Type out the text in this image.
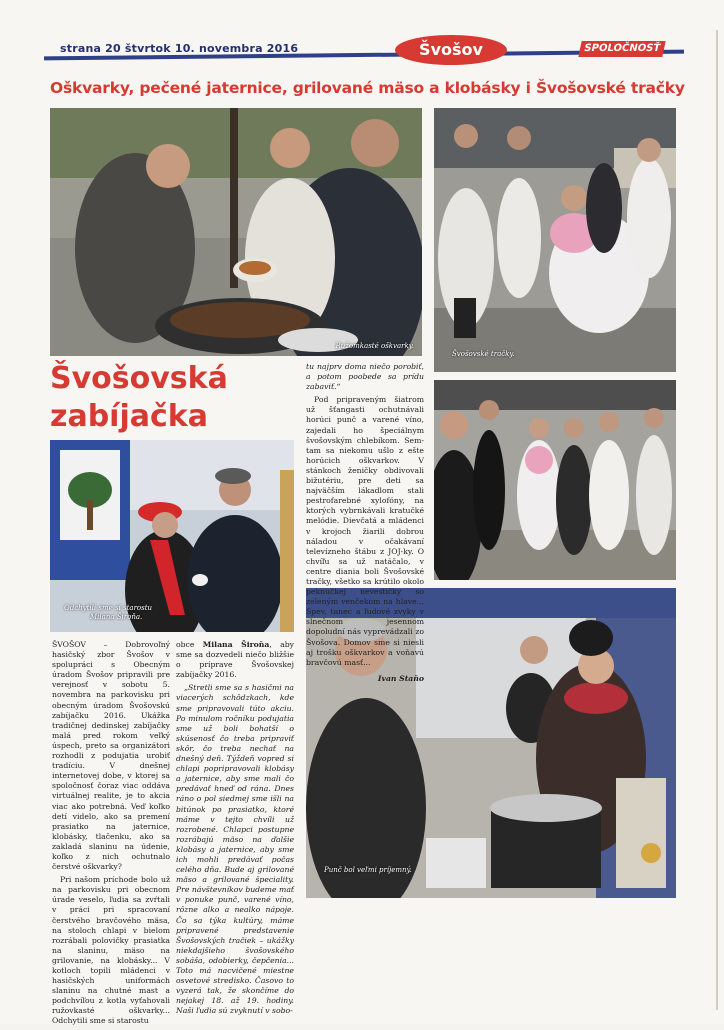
strana 20 štvrtok 10. novembra 2016	Švošov	SPOLOČNOSŤ
Oškvarky, pečené jaternice, grilované mäso a klobásky i Švošovské tračky
Ružomkasté oškvarky.
Švošovské tračky.
Švošovská zabíjačka
Odchytili sme si starostu
Milana Široňa.
Punč bol veľmi príjemný.

ŠVOŠOV – Dobrovoľný hasičský zbor Švošov v spolupráci s Obecným úradom Švošov pripravili pre verejnosť v sobotu 5. novembra na parkovisku pri obecným úradom Švošovskú zabíjačku 2016. Ukážka tradičnej dedinskej zabíjačky malá pred rokom veľký úspech, preto sa organizátori rozhodli z podujatia urobiť tradíciu. V dnešnej internetovej dobe, v ktorej sa spoločnosť čoraz viac oddáva virtuálnej realite, je to akcia viac ako potrebná. Veď koľko detí videlo, ako sa premení prasiatko na jaternice, klobásky, tlačenku, ako sa zakladá slaninu na údenie, koľko z nich ochutnalo čerstvé oškvarky?

Pri našom príchode bolo už na parkovisku pri obecnom úrade veselo, ľudia sa zvŕtali v práci pri spracovaní čerstvého bravčového mäsa, na stoloch chlapi v bielom rozrábali polovičky prasiatka na slaninu, mäso na grilovanie, na klobásky... V kotloch topili mládenci v hasičských uniformách slaninu na chutné mast a podchvíľou z kotla vyťahovali ružovkasté oškvarky... Odchytili sme si starostu

obce Milana Široňa, aby sme sa dozvedeli niečo bližšie o príprave Švošovskej zabíjačky 2016.

„Stretli sme sa s hasičmi na viacerých schôdzkach, kde sme pripravovali túto akciu. Po minulom ročníku podujatia sme už boli bohatší o skúsenosť čo treba pripraviť skôr, čo treba nechať na dnešný deň. Týždeň vopred si chlapi popripravovali klobásy a jaternice, aby sme mali čo predávať hneď od rána. Dnes ráno o pol siedmej sme išli na bitúnok po prasiatko, ktoré máme v tejto chvíli už rozrobené. Chlapci postupne rozrábajú mäso na ďalšie klobásy a jaternice, aby sme ich mohli predávať počas celého dňa. Bude aj grilované mäso a grilované špeciality. Pre návštevníkov budeme mať v ponuke punč, varené víno, rôzne alko a nealko nápoje. Čo sa týka kultúry, máme pripravené predstavenie Švošovských tračiek – ukážky niekdajšieho švošovského sobáša, odobierky, čepčenia... Toto má nacvičené miestne osvetové stredisko. Časovo to vyzerá tak, že skončíme do nejakej 18. až 19. hodiny. Naši ľudia sú zvyknutí v sobo-

tu najprv doma niečo porobiť, a potom poobede sa prídu zabaviť.“

Pod pripraveným šiatrom už šťangasti ochutnávali horúci punč a varené víno, zajedali ho špeciálnym švošovským chlebíkom. Sem-tam sa niekomu ušlo z ešte horúcich oškvarkov. V stánkoch ženičky obdivovali bižutériu, pre deti sa najväčším lákadlom stali pestrofarebné xylofóny, na ktorých vybrnkávali kratučké melódie. Dievčatá a mládenci v krojoch žiarili dobrou náladou v očakávaní televízneho štábu z JOJ-ky. O chvíľu sa už natáčalo, v centre diania boli Švošovské tračky, všetko sa krútilo okolo peknučkej nevestičky so zeleným venčekom na hlave... Spev, tanec a ľudové zvyky v slnečnom jesennom dopoludní nás vyprevádzali zo Švošova. Domov sme si niesli aj trošku oškvarkov a voňavú bravčovú masť...

Ivan Staňo
